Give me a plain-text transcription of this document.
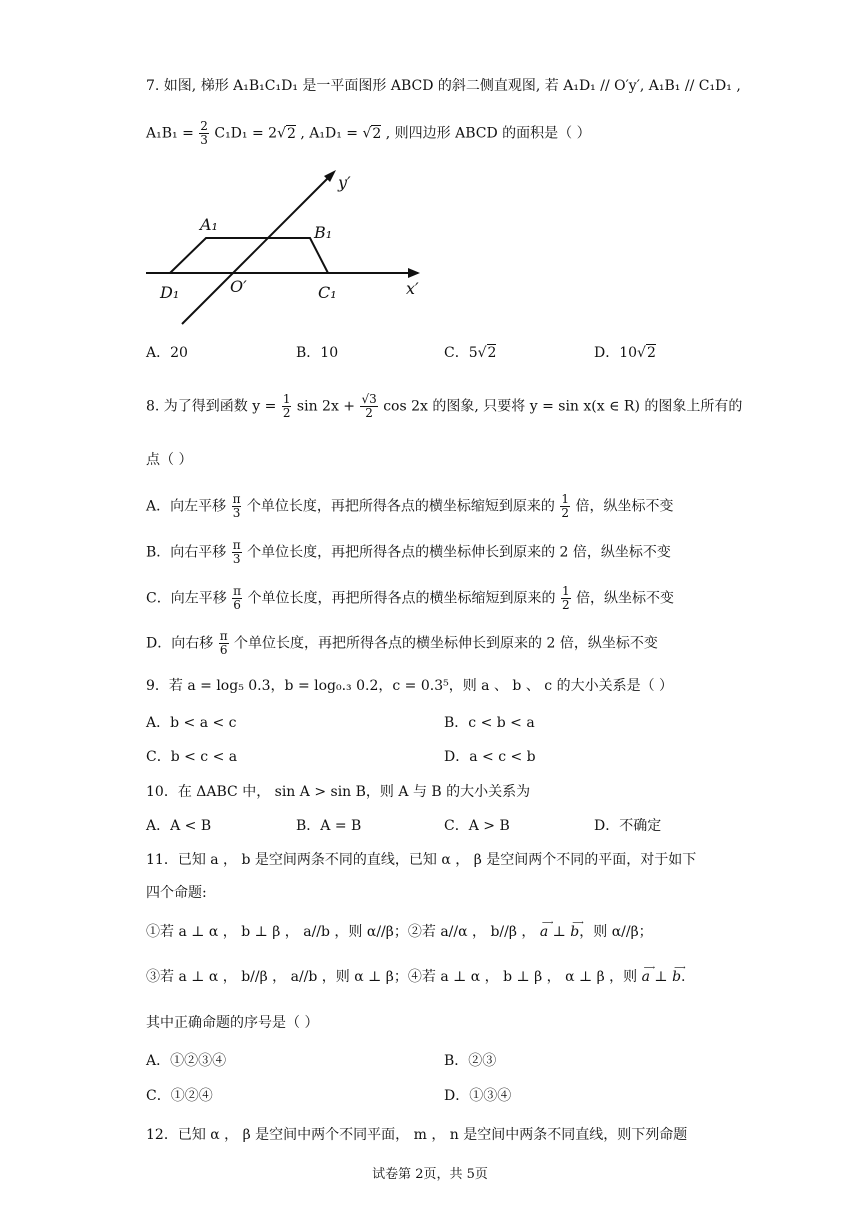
7. 如图, 梯形 A₁B₁C₁D₁ 是一平面图形 ABCD 的斜二侧直观图, 若 A₁D₁ // O′y′, A₁B₁ // C₁D₁ ,
$A_1B_1 = \frac{2}{3} C_1D_1 = 2√2$ , A₁D₁ = √2 , 则四边形 ABCD 的面积是（ ）
A₁	B₁
C₁
D₁	O′	x′
y′
A．20	B．10	C．5√2	D．10√2
8. 为了得到函数 $y = \frac{1}{2}$ $\sin 2x + \frac{√3}{2}$ cos 2x 的图象, 只要将 y = sin x(x ∈ R) 的图象上所有的
点（ ）
A．向左平移 $\frac{\pi}{3}$ 个单位长度，再把所得各点的横坐标缩短到原来的 $\frac{1}{2}$ 倍，纵坐标不变
B．向右平移 $\frac{\pi}{3}$ 个单位长度，再把所得各点的横坐标伸长到原来的 2 倍，纵坐标不变
C．向左平移 $\frac{\pi}{6}$ 个单位长度，再把所得各点的横坐标缩短到原来的 $\frac{1}{2}$ 倍，纵坐标不变
D．向右移 $\frac{\pi}{6}$ 个单位长度，再把所得各点的横坐标伸长到原来的 2 倍，纵坐标不变
9．若 a = log₅ 0.3，b = log₀.₃ 0.2，c = 0.3⁵，则 a 、 b 、 c 的大小关系是（ ）
A．b < a < c	B．c < b < a
C．b < c < a	D．a < c < b
10．在 ΔABC 中， sin A > sin B，则 A 与 B 的大小关系为
A．A < B	B．A = B	C．A > B	D．不确定
11．已知 a ， b 是空间两条不同的直线，已知 α ， β 是空间两个不同的平面，对于如下
四个命题:
①若 a ⊥ α ， b ⊥ β ， a//b ，则 α//β；②若 a//α ， b//β ， a
⟶
⊥ b
⟶
，则 α//β；
③若 a ⊥ α ， b//β ， a//b ，则 α ⊥ β；④若 a ⊥ α ， b ⊥ β ， α ⊥ β ，则 a
⟶
⊥ b
⟶
.
其中正确命题的序号是（ ）
A．①②③④	B．②③
C．①②④	D．①③④
12．已知 α ， β 是空间中两个不同平面， m ， n 是空间中两条不同直线，则下列命题
试卷第 2页，共 5页
